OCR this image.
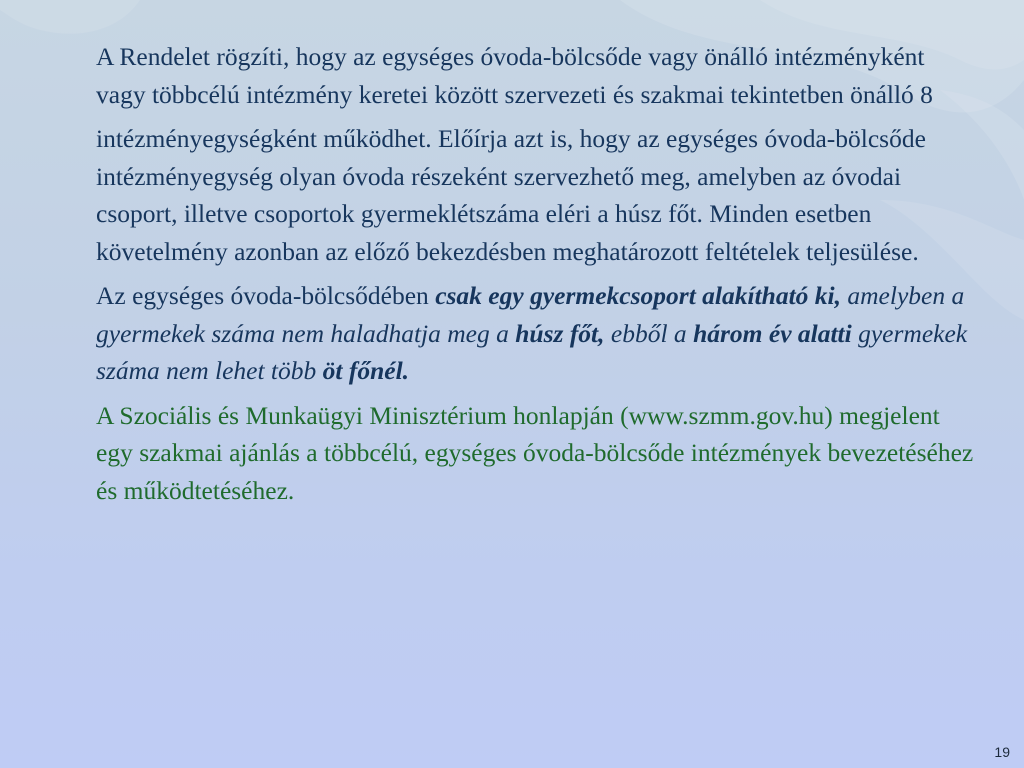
A Rendelet rögzíti, hogy az egységes óvoda-bölcsőde vagy önálló intézményként vagy többcélú intézmény keretei között szervezeti és szakmai tekintetben önálló 8

intézményegységként működhet. Előírja azt is, hogy az egységes óvoda-bölcsőde intézményegység olyan óvoda részeként szervezhető meg, amelyben az óvodai csoport, illetve csoportok gyermeklétszáma eléri a húsz főt. Minden esetben követelmény azonban az előző bekezdésben meghatározott feltételek teljesülése.

Az egységes óvoda-bölcsődében csak egy gyermekcsoport alakítható ki, amelyben a gyermekek száma nem haladhatja meg a húsz főt, ebből a három év alatti gyermekek száma nem lehet több öt főnél.

A Szociális és Munkaügyi Minisztérium honlapján (www.szmm.gov.hu) megjelent egy szakmai ajánlás a többcélú, egységes óvoda-bölcsőde intézmények bevezetéséhez és működtetéséhez.

19
